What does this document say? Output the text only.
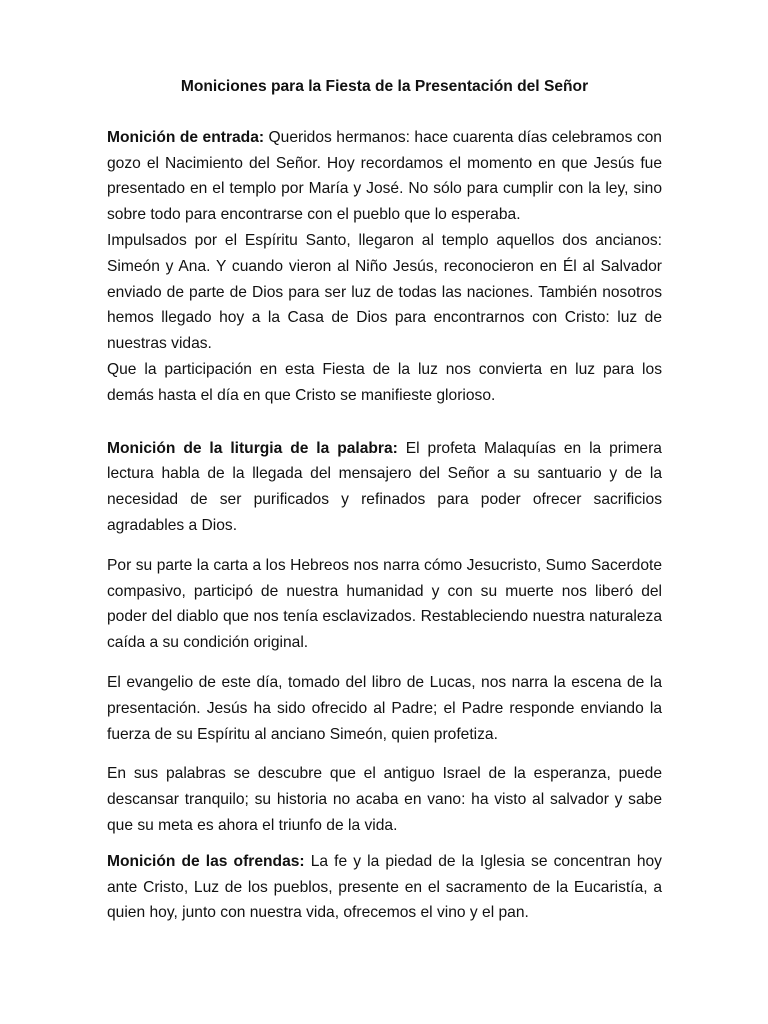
Moniciones para la Fiesta de la Presentación del Señor

Monición de entrada: Queridos hermanos: hace cuarenta días celebramos con gozo el Nacimiento del Señor. Hoy recordamos el momento en que Jesús fue presentado en el templo por María y José. No sólo para cumplir con la ley, sino sobre todo para encontrarse con el pueblo que lo esperaba.

Impulsados por el Espíritu Santo, llegaron al templo aquellos dos ancianos: Simeón y Ana. Y cuando vieron al Niño Jesús, reconocieron en Él al Salvador enviado de parte de Dios para ser luz de todas las naciones. También nosotros hemos llegado hoy a la Casa de Dios para encontrarnos con Cristo: luz de nuestras vidas.

Que la participación en esta Fiesta de la luz nos convierta en luz para los demás hasta el día en que Cristo se manifieste glorioso.

Monición de la liturgia de la palabra: El profeta Malaquías en la primera lectura habla de la llegada del mensajero del Señor a su santuario y de la necesidad de ser purificados y refinados para poder ofrecer sacrificios agradables a Dios.

Por su parte la carta a los Hebreos nos narra cómo Jesucristo, Sumo Sacerdote compasivo, participó de nuestra humanidad y con su muerte nos liberó del poder del diablo que nos tenía esclavizados. Restableciendo nuestra naturaleza caída a su condición original.

El evangelio de este día, tomado del libro de Lucas, nos narra la escena de la presentación. Jesús ha sido ofrecido al Padre; el Padre responde enviando la fuerza de su Espíritu al anciano Simeón, quien profetiza.

En sus palabras se descubre que el antiguo Israel de la esperanza, puede descansar tranquilo; su historia no acaba en vano: ha visto al salvador y sabe que su meta es ahora el triunfo de la vida.

Monición de las ofrendas: La fe y la piedad de la Iglesia se concentran hoy ante Cristo, Luz de los pueblos, presente en el sacramento de la Eucaristía, a quien hoy, junto con nuestra vida, ofrecemos el vino y el pan.
